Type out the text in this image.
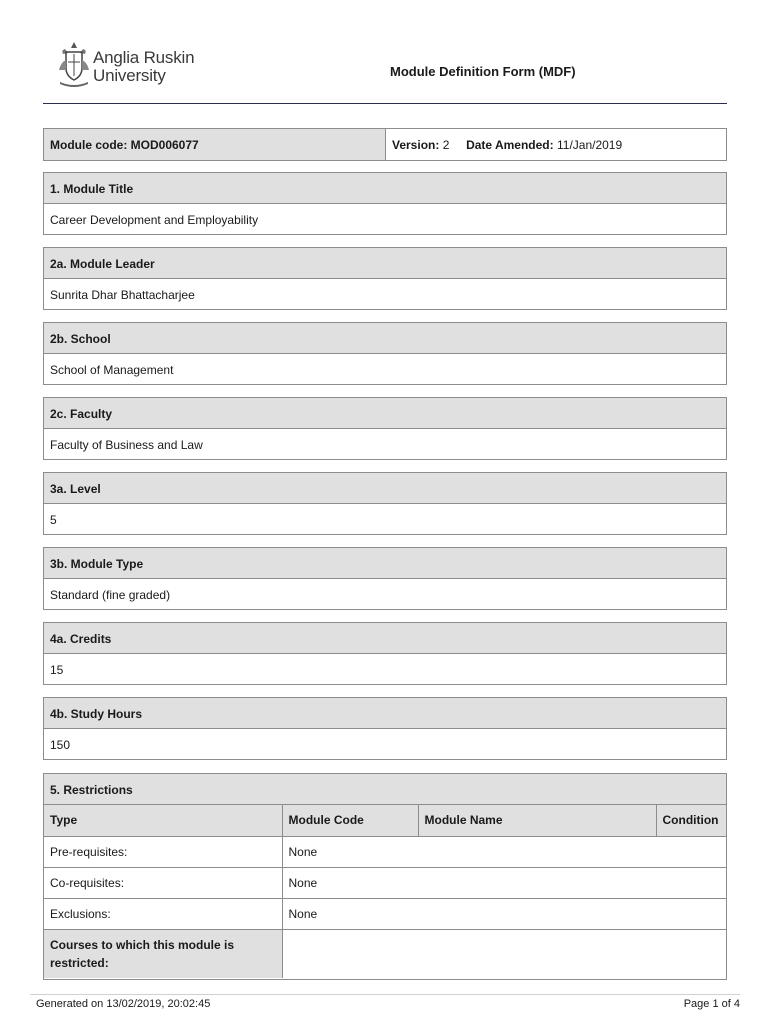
Anglia Ruskin
University	Module Definition Form (MDF)
Module code: MOD006077	Version: 2 Date Amended: 11/Jan/2019
1. Module Title
Career Development and Employability
2a. Module Leader
Sunrita Dhar Bhattacharjee
2b. School
School of Management
2c. Faculty
Faculty of Business and Law
3a. Level
5
3b. Module Type
Standard (fine graded)
4a. Credits
15
4b. Study Hours
150
5. Restrictions
Type	Module Code	Module Name	Condition
Pre-requisites:	None		
Co-requisites:	None		
Exclusions:	None		
Courses to which this module is restricted:			
Generated on 13/02/2019, 20:02:45	Page 1 of 4
